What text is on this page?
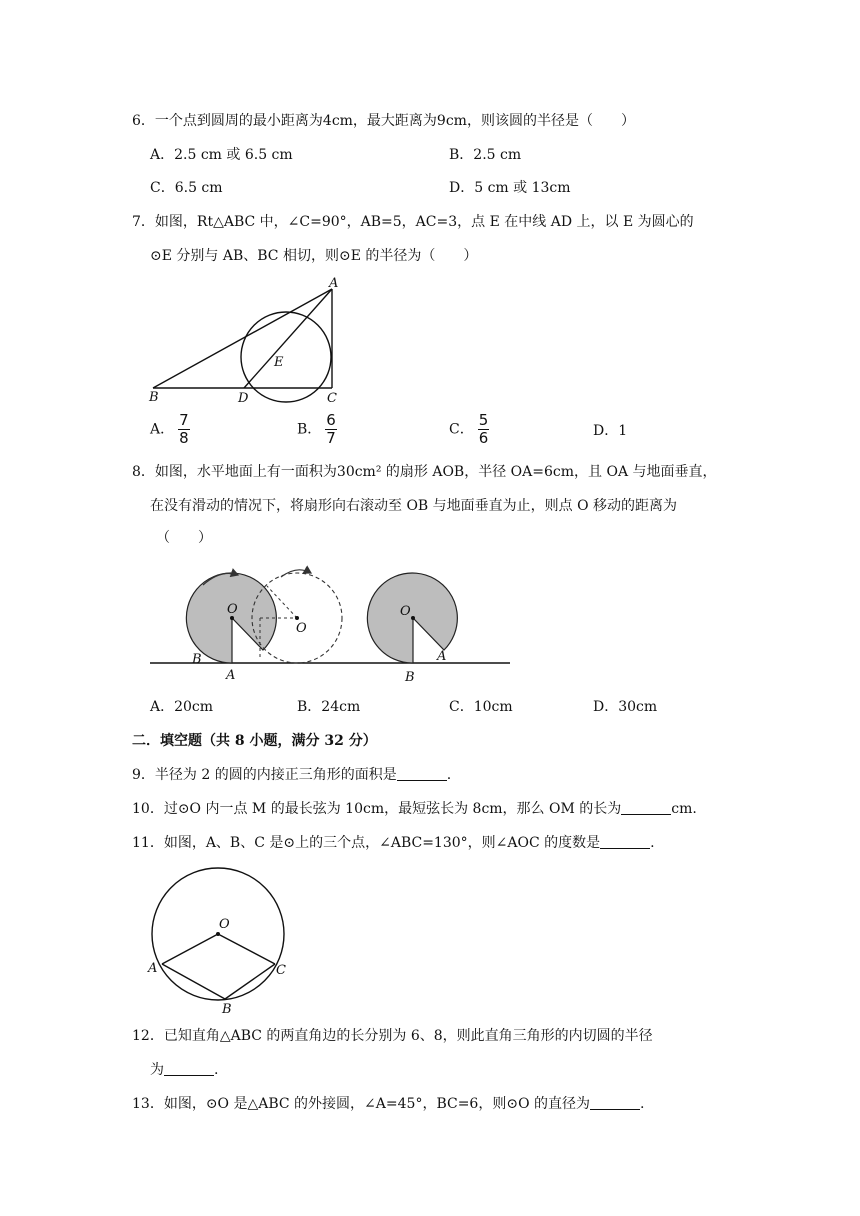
6．一个点到圆周的最小距离为4cm，最大距离为9cm，则该圆的半径是（　　）
A．2.5 cm 或 6.5 cm	B．2.5 cm
C．6.5 cm	D．5 cm 或 13cm
7．如图，Rt△ABC 中，∠C=90°，AB=5，AC=3，点 E 在中线 AD 上，以 E 为圆心的
⊙E 分别与 AB、BC 相切，则⊙E 的半径为（　　）
B	D	C
A
E
A． $\frac{7}{8}$	B． $\frac{6}{7}$	C． $\frac{5}{6}$	D．1
8．如图，水平地面上有一面积为30cm² 的扇形 AOB，半径 OA=6cm，且 OA 与地面垂直，
在没有滑动的情况下，将扇形向右滚动至 OB 与地面垂直为止，则点 O 移动的距离为
（　　）
O
B
A
O
O
B
A
A．20cm	B．24cm	C．10cm	D．30cm
二．填空题（共 8 小题，满分 32 分）
9．半径为 2 的圆的内接正三角形的面积是	.
10．过⊙O 内一点 M 的最长弦为 10cm，最短弦长为 8cm，那么 OM 的长为	cm.
11．如图，A、B、C 是⊙上的三个点，∠ABC=130°，则∠AOC 的度数是	.
O
A	C
B
12．已知直角△ABC 的两直角边的长分别为 6、8，则此直角三角形的内切圆的半径
为	.
13．如图，⊙O 是△ABC 的外接圆，∠A=45°，BC=6，则⊙O 的直径为	.
